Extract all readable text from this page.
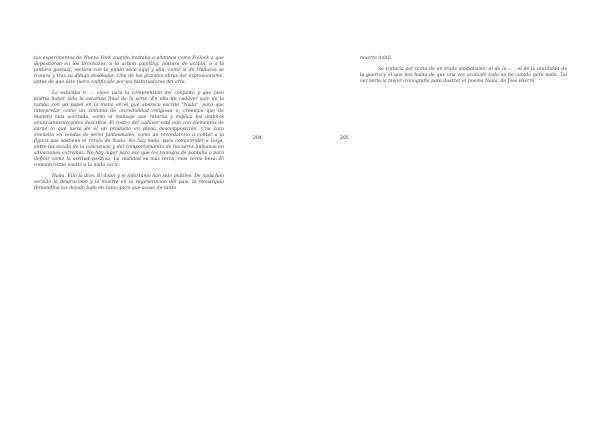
tas experimentos de Nueva York cuando invitaba a alumnos como Pollock a que depositaran en los brochazos, a la action painting: pintura de acción, o a la pintura gestual, rectora con la punta seca aquí y allá, como si de trallazos se tratara y tras su dibujo desolador. Una de las grandes obras del expresionismo, antes de que éste fuera codificado por los historiadores del arte.

La estampa n. ... clave para la comprensión del conjunto y que bien podría haber sido la estampa final de la serie. En ella un cadáver sale de la tumba con un papel en la mano en el que aparece escrito "Nada", para que interpretar como un síntoma de incredulidad religiosa o, creemos que de manera más acertada, como el mensaje que retorna y explica los ámbitos anunciamiento antes descritos. El rostro del cadáver está aún con elementos de carne lo que lucra de él un producto en plena descomposición. Una cara envuelta en vendas de seres fantasmales, como un recordatorio a contar a la figura que sostiene el rótulo de Nada. No hay nada, para comprender a Goya, entre las escala de la conciencia y del comportamiento de los seres humanos en situaciones extremas. No hay lugar para eso que los teólogos de pantalla o para definir como la actitud positiva. La realidad es más terca, más cerca besa. El romanticismo vuelto a la nada vacío.

Nada. Ello lo dice. El dolor y el infortunio han sido inútiles. De nada han servido la destrucción y la muerte en la regeneración del país, la monarquía fernandina los dejado todo en vano; pero que acaso de tanta

204	205

muerte inútil.

Se trataría por tanto de un triple simbolismo, el de la ... , el de la inutilidad de la guerra y el que nos habla de que una vez acabado todo no ha cabido para nada. Tal vez sería la mejor iconografía para ilustrar el poema Nada, de José Hierro.
